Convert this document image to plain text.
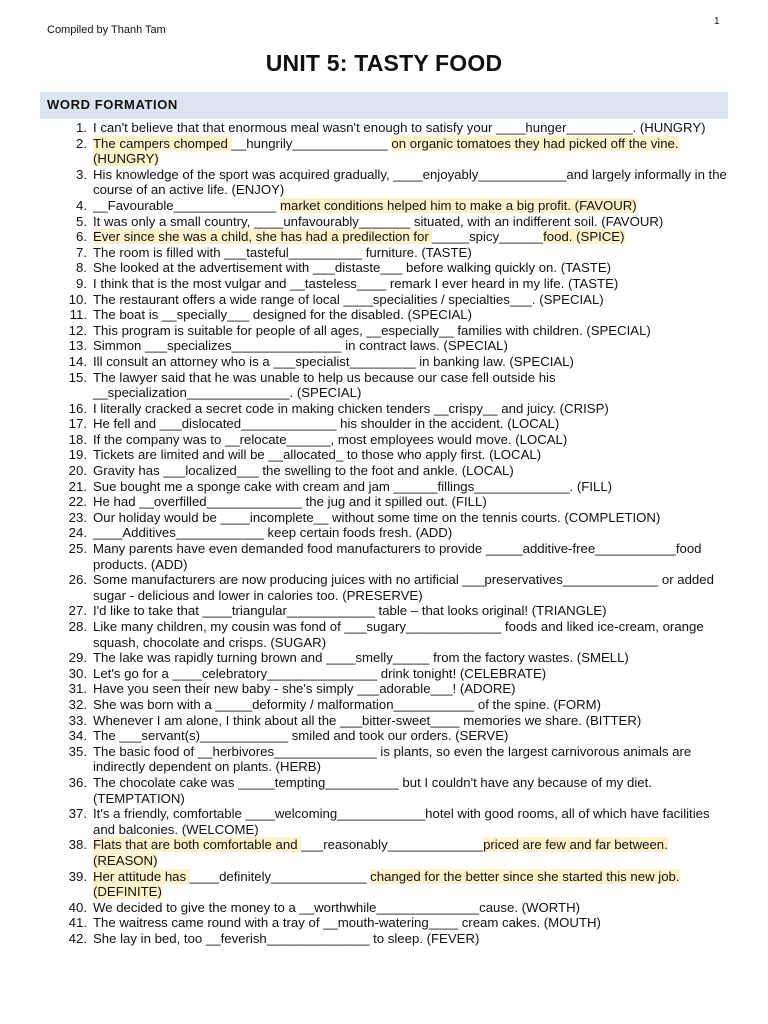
Compiled by Thanh Tam
1
UNIT 5: TASTY FOOD
WORD FORMATION
1. I can't believe that that enormous meal wasn't enough to satisfy your ____hunger_________. (HUNGRY)
2. The campers chomped __hungrily_____________ on organic tomatoes they had picked off the vine. (HUNGRY)
3. His knowledge of the sport was acquired gradually, ____enjoyably____________and largely informally in the course of an active life. (ENJOY)
4. __Favourable______________ market conditions helped him to make a big profit. (FAVOUR)
5. It was only a small country, ____unfavourably_______ situated, with an indifferent soil. (FAVOUR)
6. Ever since she was a child, she has had a predilection for _____spicy______food. (SPICE)
7. The room is filled with ___tasteful__________ furniture. (TASTE)
8. She looked at the advertisement with ___distaste___ before walking quickly on. (TASTE)
9. I think that is the most vulgar and __tasteless____ remark I ever heard in my life. (TASTE)
10. The restaurant offers a wide range of local ____specialities / specialties___. (SPECIAL)
11. The boat is __specially___ designed for the disabled. (SPECIAL)
12. This program is suitable for people of all ages, __especially__ families with children. (SPECIAL)
13. Simmon ___specializes_______________ in contract laws. (SPECIAL)
14. Ill consult an attorney who is a ___specialist_________ in banking law. (SPECIAL)
15. The lawyer said that he was unable to help us because our case fell outside his __specialization______________. (SPECIAL)
16. I literally cracked a secret code in making chicken tenders __crispy__ and juicy. (CRISP)
17. He fell and ___dislocated_____________ his shoulder in the accident. (LOCAL)
18. If the company was to __relocate______, most employees would move. (LOCAL)
19. Tickets are limited and will be __allocated_ to those who apply first. (LOCAL)
20. Gravity has ___localized___ the swelling to the foot and ankle. (LOCAL)
21. Sue bought me a sponge cake with cream and jam ______fillings_____________. (FILL)
22. He had __overfilled_____________ the jug and it spilled out. (FILL)
23. Our holiday would be ____incomplete__ without some time on the tennis courts. (COMPLETION)
24. ____Additives____________ keep certain foods fresh. (ADD)
25. Many parents have even demanded food manufacturers to provide _____additive-free___________food products. (ADD)
26. Some manufacturers are now producing juices with no artificial ___preservatives_____________ or added sugar - delicious and lower in calories too. (PRESERVE)
27. I'd like to take that ____triangular____________ table – that looks original! (TRIANGLE)
28. Like many children, my cousin was fond of ___sugary_____________ foods and liked ice-cream, orange squash, chocolate and crisps. (SUGAR)
29. The lake was rapidly turning brown and ____smelly_____ from the factory wastes. (SMELL)
30. Let's go for a ____celebratory_______________ drink tonight! (CELEBRATE)
31. Have you seen their new baby - she's simply ___adorable___! (ADORE)
32. She was born with a _____deformity / malformation___________ of the spine. (FORM)
33. Whenever I am alone, I think about all the ___bitter-sweet____ memories we share. (BITTER)
34. The ___servant(s)____________ smiled and took our orders. (SERVE)
35. The basic food of __herbivores______________ is plants, so even the largest carnivorous animals are indirectly dependent on plants. (HERB)
36. The chocolate cake was _____tempting__________ but I couldn't have any because of my diet. (TEMPTATION)
37. It's a friendly, comfortable ____welcoming____________hotel with good rooms, all of which have facilities and balconies. (WELCOME)
38. Flats that are both comfortable and ___reasonably_____________priced are few and far between. (REASON)
39. Her attitude has ____definitely_____________ changed for the better since she started this new job. (DEFINITE)
40. We decided to give the money to a __worthwhile______________cause. (WORTH)
41. The waitress came round with a tray of __mouth-watering____ cream cakes. (MOUTH)
42. She lay in bed, too __feverish______________ to sleep. (FEVER)
